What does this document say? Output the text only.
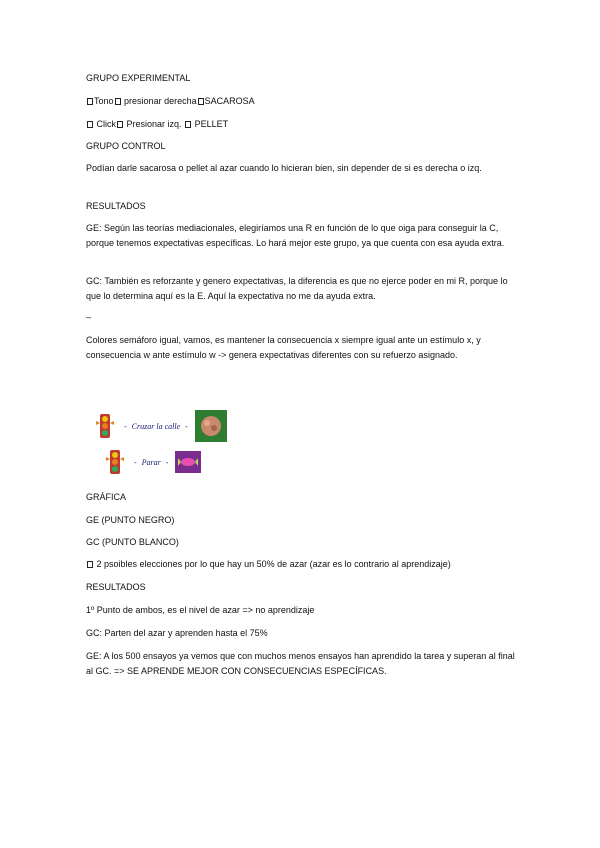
GRUPO EXPERIMENTAL

Tono presionar derecha SACAROSA

Click Presionar izq. PELLET

GRUPO CONTROL

Podían darle sacarosa o pellet al azar cuando lo hicieran bien, sin depender de si es derecha o izq.

RESULTADOS

GE: Según las teorías mediacionales, elegiríamos una R en función de lo que oiga para conseguir la C, porque tenemos expectativas específicas. Lo hará mejor este grupo, ya que cuenta con esa ayuda extra.

GC: También es reforzante y genero expectativas, la diferencia es que no ejerce poder en mi R, porque lo que lo determina aquí es la E. Aquí la expectativa no me da ayuda extra.

_

Colores semáforo igual, vamos, es mantener la consecuencia x siempre igual ante un estímulo x, y consecuencia w ante estímulo w -> genera expectativas diferentes con su refuerzo asignado.

- Cruzar la calle -
- Parar -

GRÁFICA

GE (PUNTO NEGRO)

GC (PUNTO BLANCO)

2 psoibles elecciones por lo que hay un 50% de azar (azar es lo contrario al aprendizaje)

RESULTADOS

1º Punto de ambos, es el nivel de azar => no aprendizaje

GC: Parten del azar y aprenden hasta el 75%

GE: A los 500 ensayos ya vemos que con muchos menos ensayos han aprendido la tarea y superan al final al GC. => SE APRENDE MEJOR CON CONSECUENCIAS ESPECÍFICAS.
